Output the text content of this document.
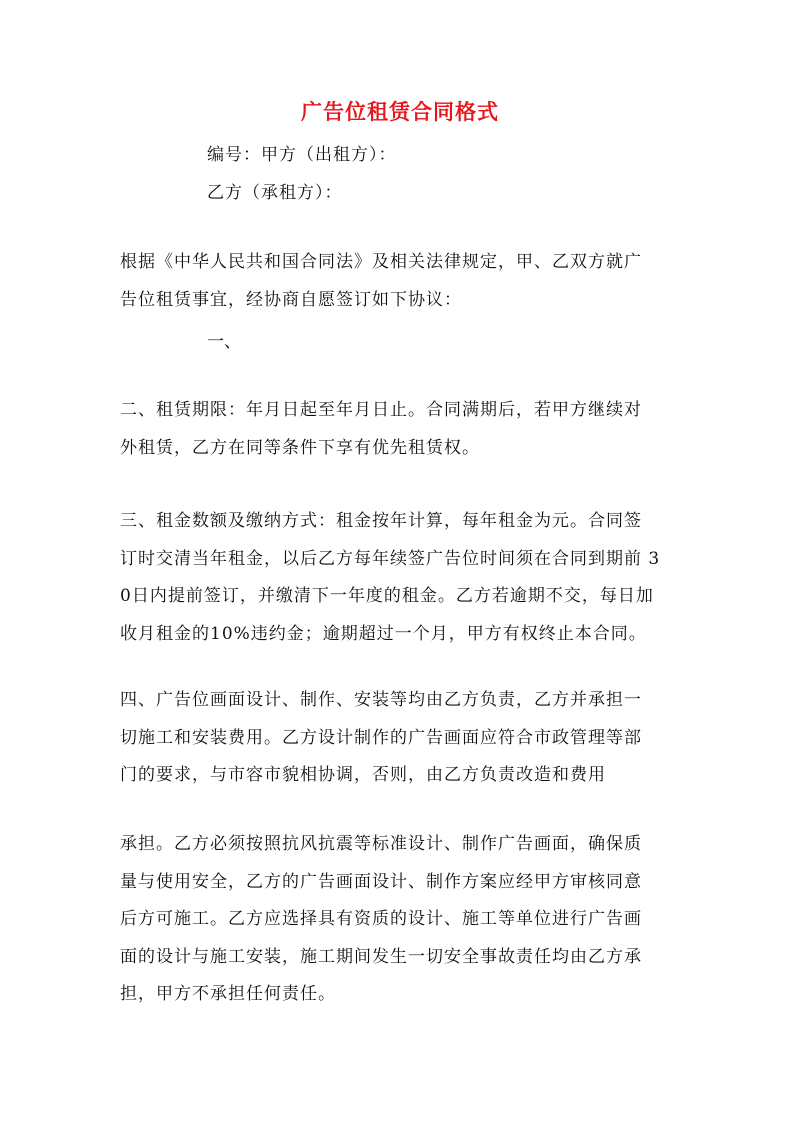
广告位租赁合同格式
编号：甲方（出租方）：
乙方（承租方）：
根据《中华人民共和国合同法》及相关法律规定，甲、乙双方就广
告位租赁事宜，经协商自愿签订如下协议：
一、
二、租赁期限：年月日起至年月日止。合同满期后，若甲方继续对
外租赁，乙方在同等条件下享有优先租赁权。
三、租金数额及缴纳方式：租金按年计算，每年租金为元。合同签
订时交清当年租金，以后乙方每年续签广告位时间须在合同到期前 3
0日内提前签订，并缴清下一年度的租金。乙方若逾期不交，每日加
收月租金的10%违约金；逾期超过一个月，甲方有权终止本合同。
四、广告位画面设计、制作、安装等均由乙方负责，乙方并承担一
切施工和安装费用。乙方设计制作的广告画面应符合市政管理等部
门的要求，与市容市貌相协调，否则，由乙方负责改造和费用
承担。乙方必须按照抗风抗震等标准设计、制作广告画面，确保质
量与使用安全，乙方的广告画面设计、制作方案应经甲方审核同意
后方可施工。乙方应选择具有资质的设计、施工等单位进行广告画
面的设计与施工安装，施工期间发生一切安全事故责任均由乙方承
担，甲方不承担任何责任。
